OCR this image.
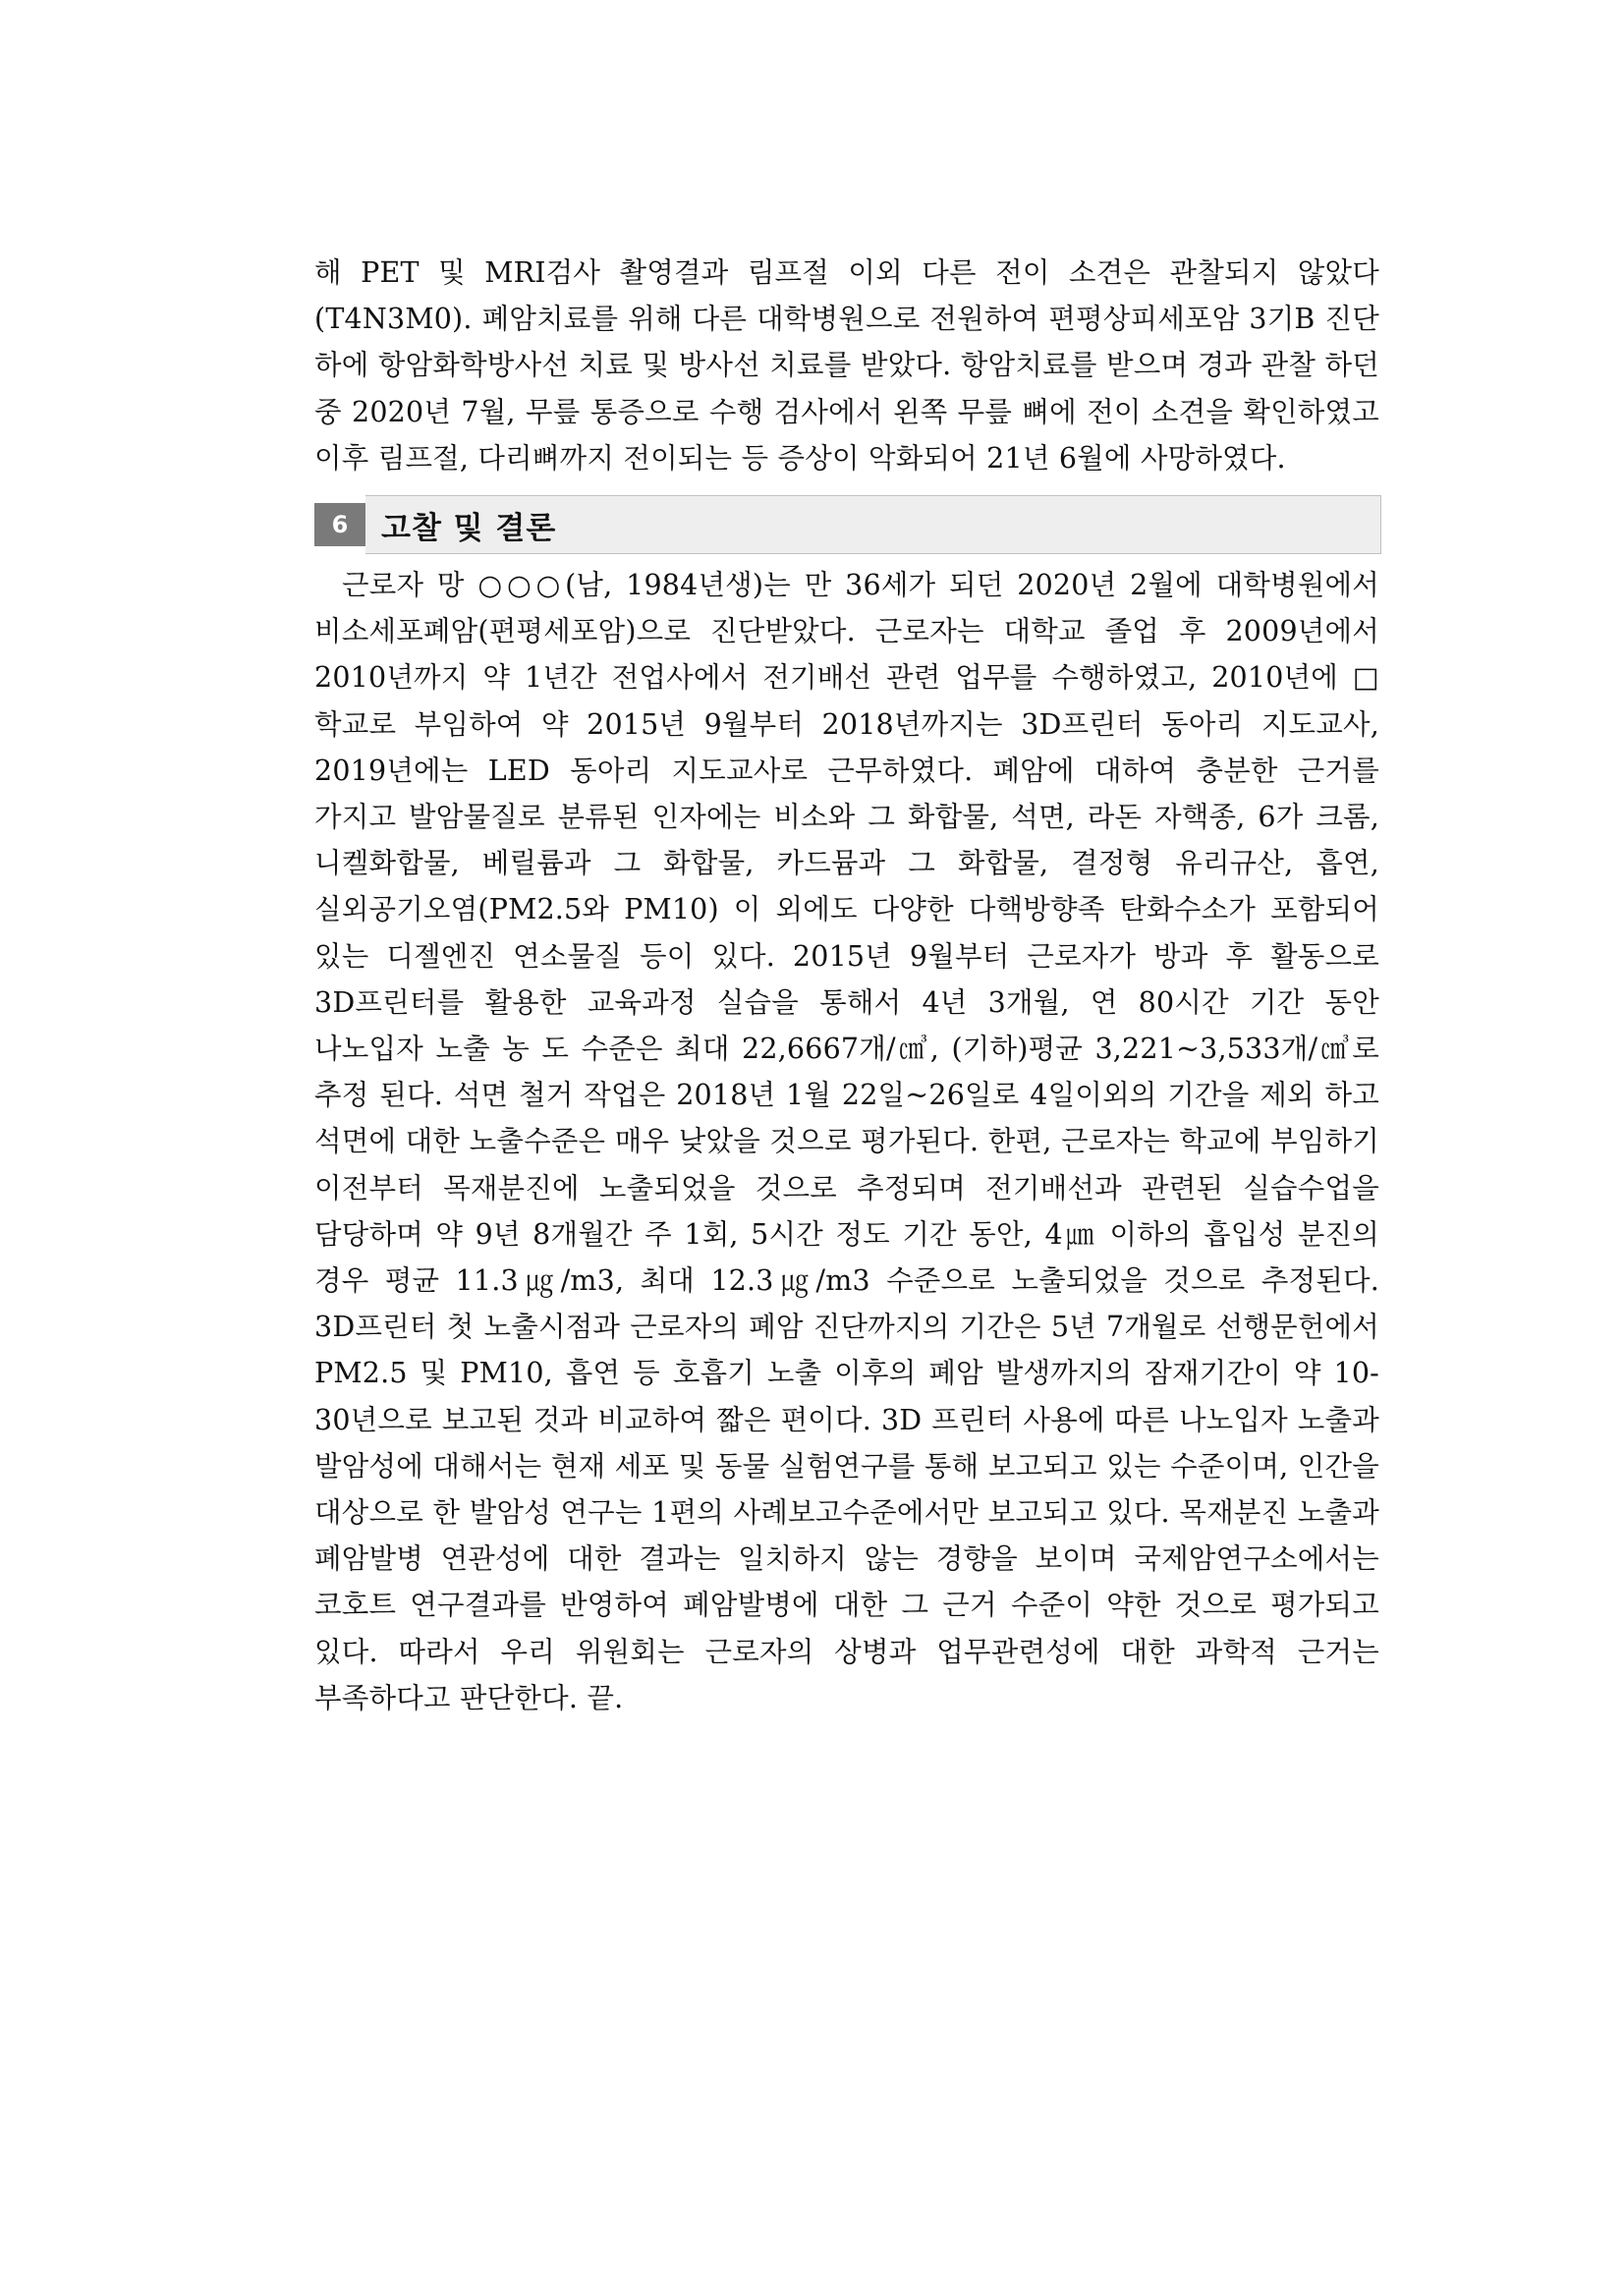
해 PET 및 MRI검사 촬영결과 림프절 이외 다른 전이 소견은 관찰되지 않았다(T4N3M0). 폐암치료를 위해 다른 대학병원으로 전원하여 편평상피세포암 3기B 진단 하에 항암화학방사선 치료 및 방사선 치료를 받았다. 항암치료를 받으며 경과 관찰 하던 중 2020년 7월, 무릎 통증으로 수행 검사에서 왼쪽 무릎 뼈에 전이 소견을 확인하였고 이후 림프절, 다리뼈까지 전이되는 등 증상이 악화되어 21년 6월에 사망하였다.

6	고찰 및 결론

근로자 망 ○○○(남, 1984년생)는 만 36세가 되던 2020년 2월에 대학병원에서 비소세포폐암(편평세포암)으로 진단받았다. 근로자는 대학교 졸업 후 2009년에서 2010년까지 약 1년간 전업사에서 전기배선 관련 업무를 수행하였고, 2010년에 □학교로 부임하여 약 2015년 9월부터 2018년까지는 3D프린터 동아리 지도교사, 2019년에는 LED 동아리 지도교사로 근무하였다. 폐암에 대하여 충분한 근거를 가지고 발암물질로 분류된 인자에는 비소와 그 화합물, 석면, 라돈 자핵종, 6가 크롬, 니켈화합물, 베릴륨과 그 화합물, 카드뮴과 그 화합물, 결정형 유리규산, 흡연, 실외공기오염(PM2.5와 PM10) 이 외에도 다양한 다핵방향족 탄화수소가 포함되어 있는 디젤엔진 연소물질 등이 있다. 2015년 9월부터 근로자가 방과 후 활동으로 3D프린터를 활용한 교육과정 실습을 통해서 4년 3개월, 연 80시간 기간 동안 나노입자 노출 농 도 수준은 최대 22,6667개/㎤, (기하)평균 3,221~3,533개/㎤로 추정 된다. 석면 철거 작업은 2018년 1월 22일~26일로 4일이외의 기간을 제외 하고 석면에 대한 노출수준은 매우 낮았을 것으로 평가된다. 한편, 근로자는 학교에 부임하기 이전부터 목재분진에 노출되었을 것으로 추정되며 전기배선과 관련된 실습수업을 담당하며 약 9년 8개월간 주 1회, 5시간 정도 기간 동안, 4㎛ 이하의 흡입성 분진의 경우 평균 11.3㎍/m3, 최대 12.3㎍/m3 수준으로 노출되었을 것으로 추정된다. 3D프린터 첫 노출시점과 근로자의 폐암 진단까지의 기간은 5년 7개월로 선행문헌에서 PM2.5 및 PM10, 흡연 등 호흡기 노출 이후의 폐암 발생까지의 잠재기간이 약 10-30년으로 보고된 것과 비교하여 짧은 편이다. 3D 프린터 사용에 따른 나노입자 노출과 발암성에 대해서는 현재 세포 및 동물 실험연구를 통해 보고되고 있는 수준이며, 인간을 대상으로 한 발암성 연구는 1편의 사례보고수준에서만 보고되고 있다. 목재분진 노출과 폐암발병 연관성에 대한 결과는 일치하지 않는 경향을 보이며 국제암연구소에서는 코호트 연구결과를 반영하여 폐암발병에 대한 그 근거 수준이 약한 것으로 평가되고 있다. 따라서 우리 위원회는 근로자의 상병과 업무관련성에 대한 과학적 근거는 부족하다고 판단한다. 끝.
